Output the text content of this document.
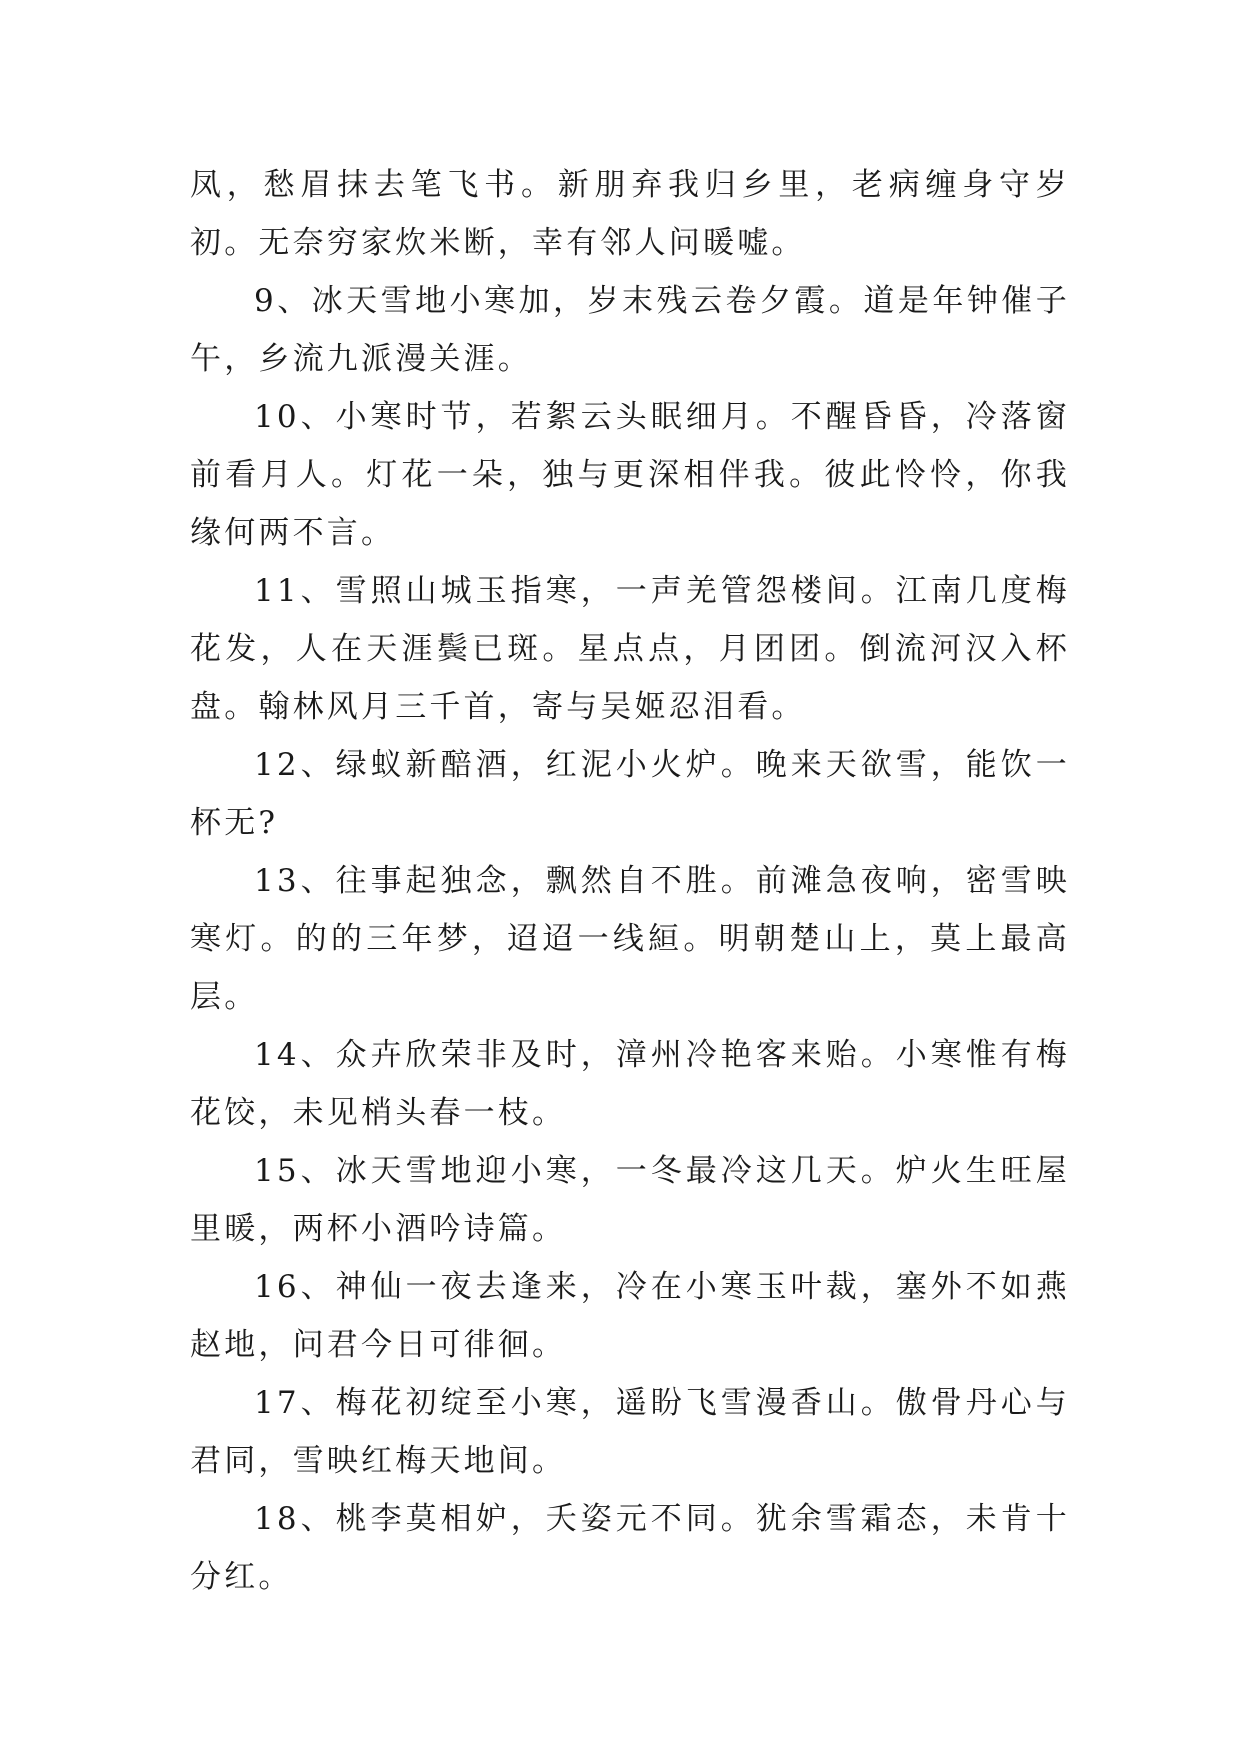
凤，愁眉抹去笔飞书。新朋弃我归乡里，老病缠身守岁初。无奈穷家炊米断，幸有邻人问暖嘘。

9、冰天雪地小寒加，岁末残云卷夕霞。道是年钟催子午，乡流九派漫关涯。

10、小寒时节，若絮云头眠细月。不醒昏昏，冷落窗前看月人。灯花一朵，独与更深相伴我。彼此怜怜，你我缘何两不言。

11、雪照山城玉指寒，一声羌管怨楼间。江南几度梅花发，人在天涯鬓已斑。星点点，月团团。倒流河汉入杯盘。翰林风月三千首，寄与吴姬忍泪看。

12、绿蚁新醅酒，红泥小火炉。晚来天欲雪，能饮一杯无?

13、往事起独念，飘然自不胜。前滩急夜响，密雪映寒灯。的的三年梦，迢迢一线絙。明朝楚山上，莫上最高层。

14、众卉欣荣非及时，漳州冷艳客来贻。小寒惟有梅花饺，未见梢头春一枝。

15、冰天雪地迎小寒，一冬最冷这几天。炉火生旺屋里暖，两杯小酒吟诗篇。

16、神仙一夜去逢来，冷在小寒玉叶裁，塞外不如燕赵地，问君今日可徘徊。

17、梅花初绽至小寒，遥盼飞雪漫香山。傲骨丹心与君同，雪映红梅天地间。

18、桃李莫相妒，夭姿元不同。犹余雪霜态，未肯十分红。
